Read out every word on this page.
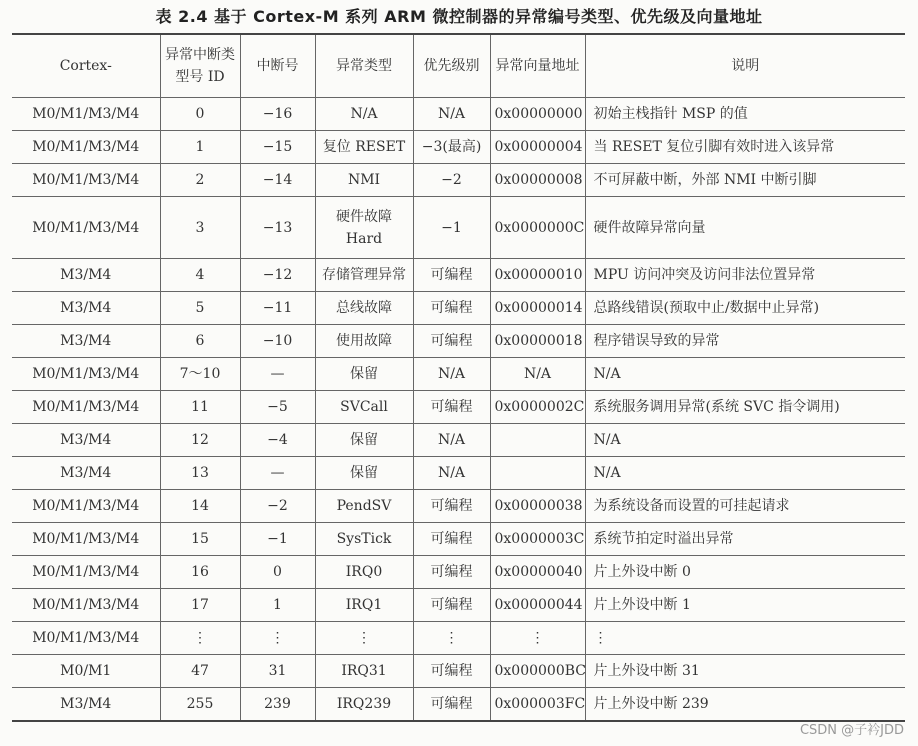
表 2.4 基于 Cortex-M 系列 ARM 微控制器的异常编号类型、优先级及向量地址
Cortex-	异常中断类型号 ID	中断号	异常类型	优先级别	异常向量地址	说明
M0/M1/M3/M4	0	−16	N/A	N/A	0x00000000	初始主栈指针 MSP 的值
M0/M1/M3/M4	1	−15	复位 RESET	−3(最高)	0x00000004	当 RESET 复位引脚有效时进入该异常
M0/M1/M3/M4	2	−14	NMI	−2	0x00000008	不可屏蔽中断，外部 NMI 中断引脚
M0/M1/M3/M4	3	−13	硬件故障 Hard	−1	0x0000000C	硬件故障异常向量
M3/M4	4	−12	存储管理异常	可编程	0x00000010	MPU 访问冲突及访问非法位置异常
M3/M4	5	−11	总线故障	可编程	0x00000014	总路线错误(预取中止/数据中止异常)
M3/M4	6	−10	使用故障	可编程	0x00000018	程序错误导致的异常
M0/M1/M3/M4	7～10	—	保留	N/A	N/A	N/A
M0/M1/M3/M4	11	−5	SVCall	可编程	0x0000002C	系统服务调用异常(系统 SVC 指令调用)
M3/M4	12	−4	保留	N/A		N/A
M3/M4	13	—	保留	N/A		N/A
M0/M1/M3/M4	14	−2	PendSV	可编程	0x00000038	为系统设备而设置的可挂起请求
M0/M1/M3/M4	15	−1	SysTick	可编程	0x0000003C	系统节拍定时溢出异常
M0/M1/M3/M4	16	0	IRQ0	可编程	0x00000040	片上外设中断 0
M0/M1/M3/M4	17	1	IRQ1	可编程	0x00000044	片上外设中断 1
M0/M1/M3/M4	⋮	⋮	⋮	⋮	⋮	⋮
M0/M1	47	31	IRQ31	可编程	0x000000BC	片上外设中断 31
M3/M4	255	239	IRQ239	可编程	0x000003FC	片上外设中断 239
CSDN @子衿JDD
